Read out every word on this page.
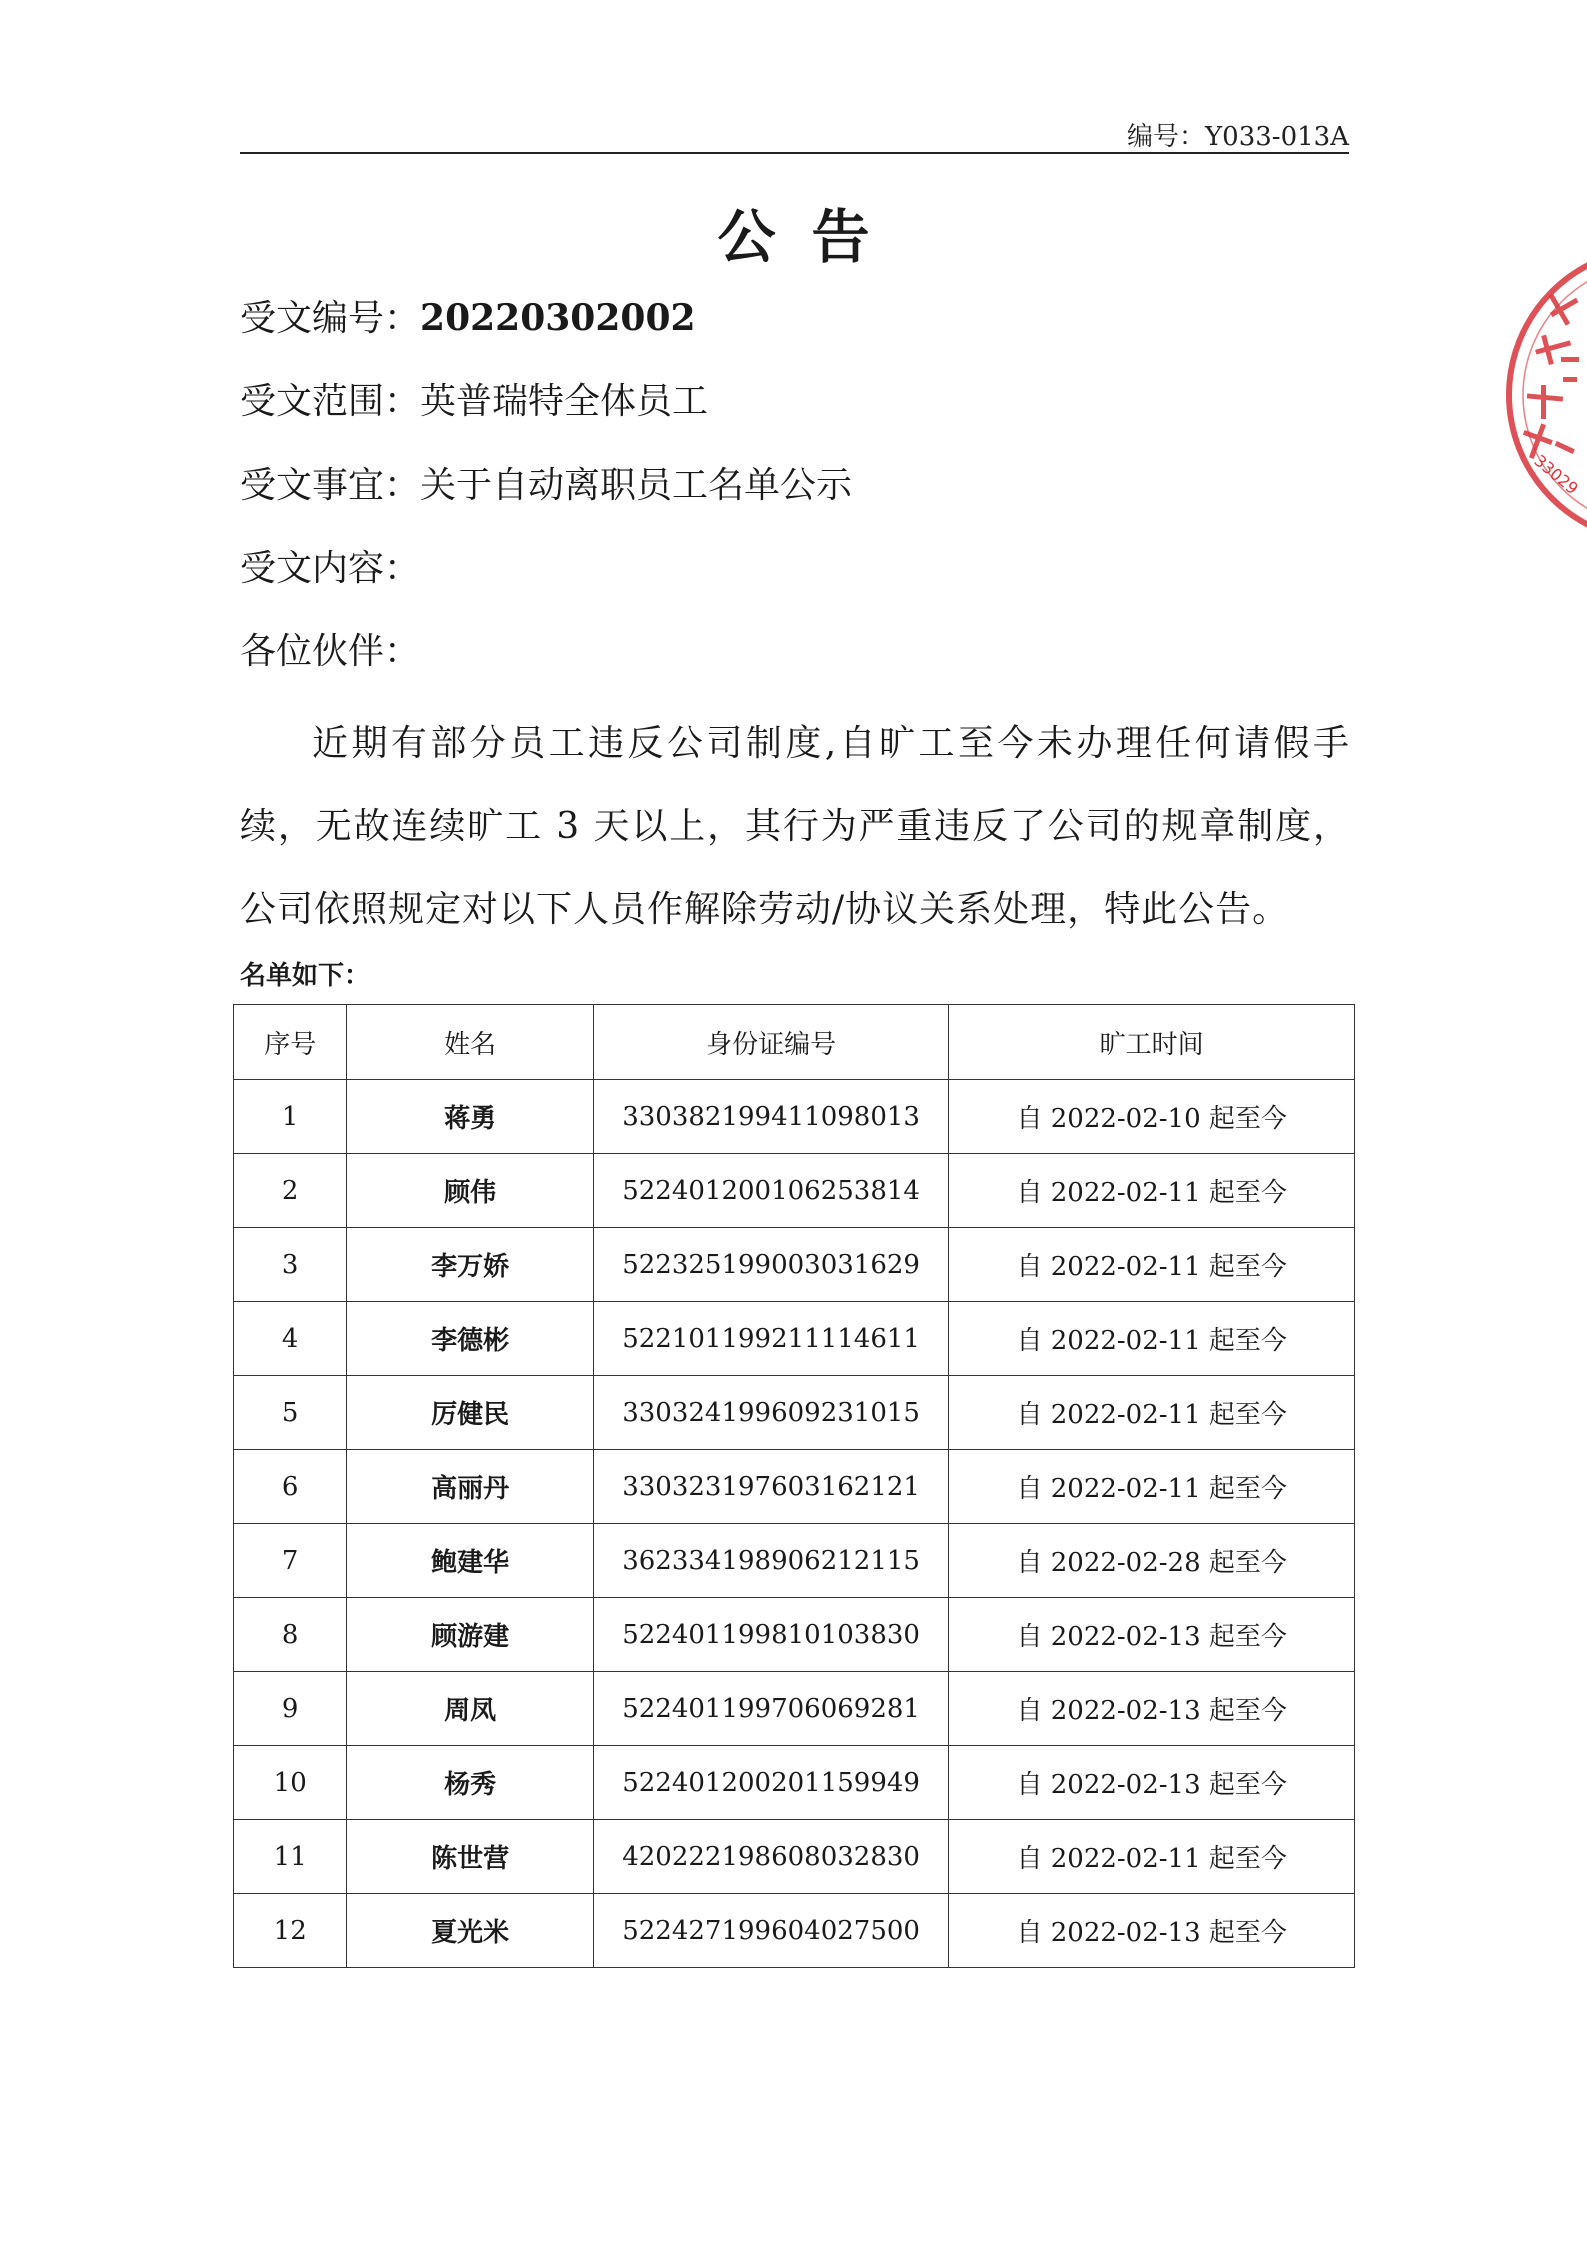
编号：Y033-013A
公告
受文编号：20220302002
受文范围：英普瑞特全体员工
受文事宜：关于自动离职员工名单公示
受文内容：
各位伙伴：
近期有部分员工违反公司制度,自旷工至今未办理任何请假手续，无故连续旷工 3 天以上，其行为严重违反了公司的规章制度，公司依照规定对以下人员作解除劳动/协议关系处理，特此公告。
名单如下：
序号	姓名	身份证编号	旷工时间
1	蒋勇	330382199411098013	自 2022-02-10 起至今
2	顾伟	522401200106253814	自 2022-02-11 起至今
3	李万娇	522325199003031629	自 2022-02-11 起至今
4	李德彬	522101199211114611	自 2022-02-11 起至今
5	厉健民	330324199609231015	自 2022-02-11 起至今
6	高丽丹	330323197603162121	自 2022-02-11 起至今
7	鲍建华	362334198906212115	自 2022-02-28 起至今
8	顾游建	522401199810103830	自 2022-02-13 起至今
9	周凤	522401199706069281	自 2022-02-13 起至今
10	杨秀	522401200201159949	自 2022-02-13 起至今
11	陈世营	420222198608032830	自 2022-02-11 起至今
12	夏光米	522427199604027500	自 2022-02-13 起至今
33029
